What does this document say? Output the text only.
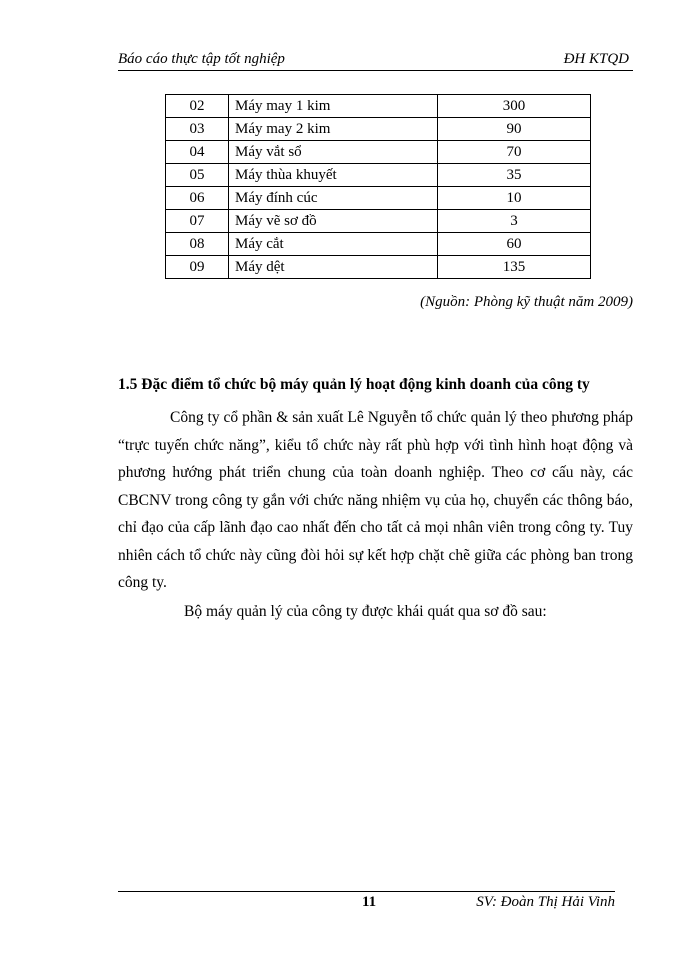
Báo cáo thực tập tốt nghiệp	ĐH KTQD
02	Máy may 1 kim	300
03	Máy may 2 kim	90
04	Máy vắt sổ	70
05	Máy thùa khuyết	35
06	Máy đính cúc	10
07	Máy vẽ sơ đồ	3
08	Máy cắt	60
09	Máy dệt	135
(Nguồn: Phòng kỹ thuật năm 2009)
1.5 Đặc điểm tổ chức bộ máy quản lý hoạt động kinh doanh của công ty

Công ty cổ phần & sản xuất Lê Nguyễn tổ chức quản lý theo phương pháp “trực tuyến chức năng”, kiểu tổ chức này rất phù hợp với tình hình hoạt động và phương hướng phát triển chung của toàn doanh nghiệp. Theo cơ cấu này, các CBCNV trong công ty gắn với chức năng nhiệm vụ của họ, chuyển các thông báo, chỉ đạo của cấp lãnh đạo cao nhất đến cho tất cả mọi nhân viên trong công ty. Tuy nhiên cách tổ chức này cũng đòi hỏi sự kết hợp chặt chẽ giữa các phòng ban trong công ty.

Bộ máy quản lý của công ty được khái quát qua sơ đồ sau:

11	SV: Đoàn Thị Hải Vinh
